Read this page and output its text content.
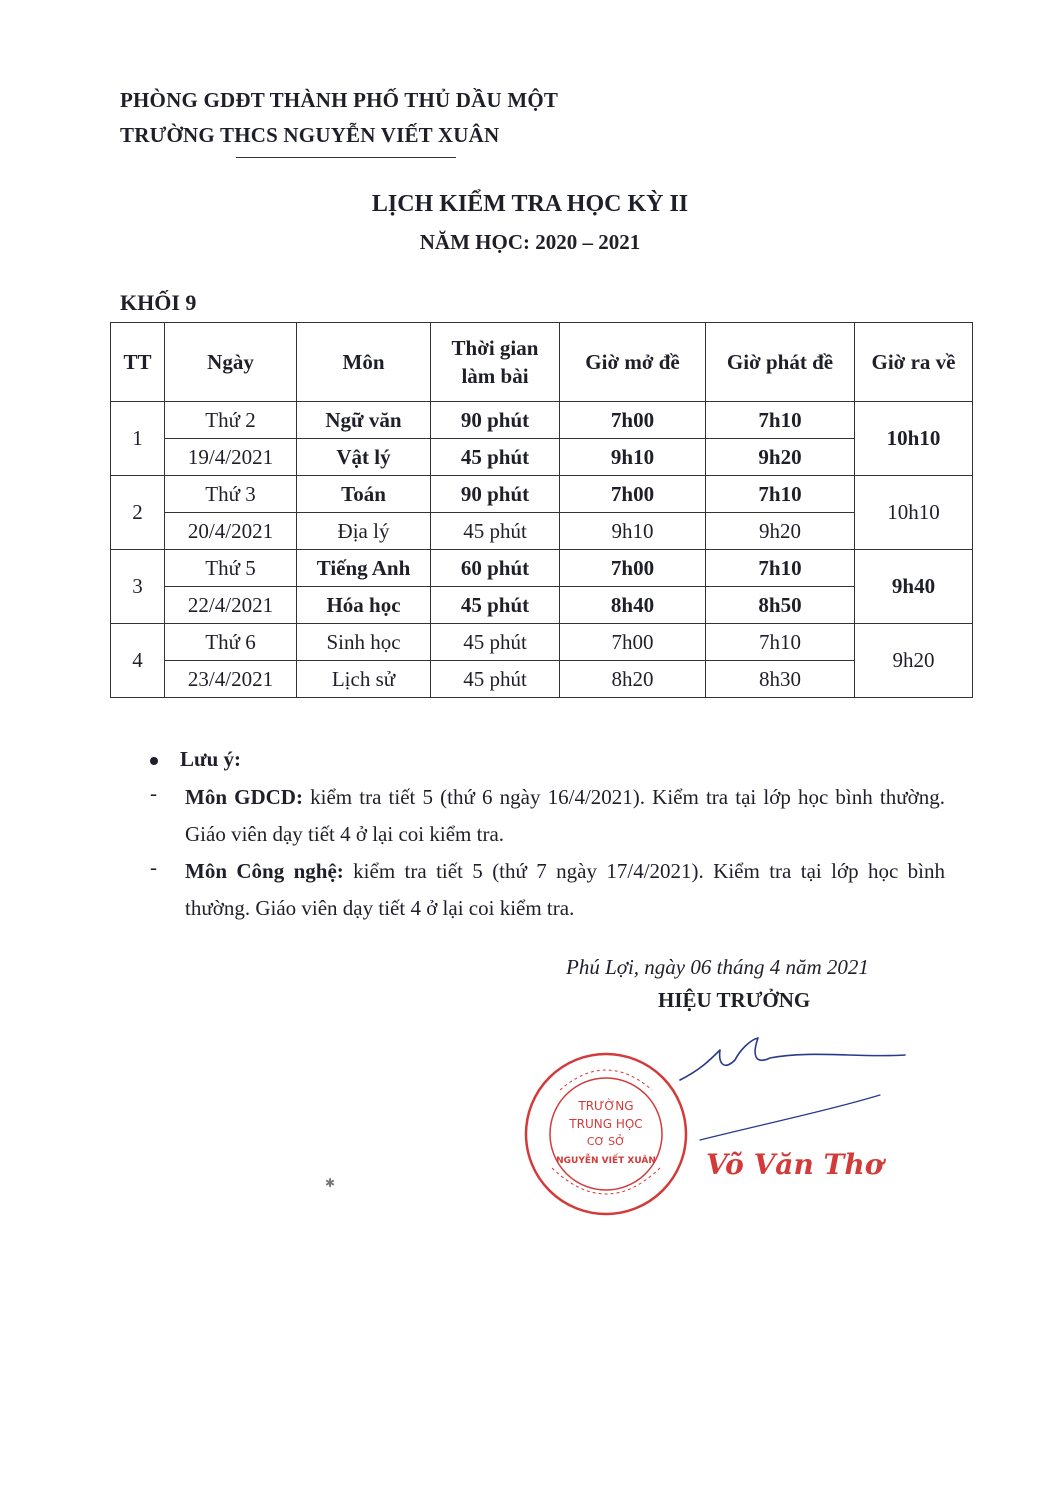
PHÒNG GDĐT THÀNH PHỐ THỦ DẦU MỘT
TRƯỜNG THCS NGUYỄN VIẾT XUÂN
LỊCH KIỂM TRA HỌC KỲ II
NĂM HỌC: 2020 – 2021
KHỐI 9
TT	Ngày	Môn	Thời gian làm bài	Giờ mở đề	Giờ phát đề	Giờ ra về
1	Thứ 2	Ngữ văn	90 phút	7h00	7h10	10h10
	19/4/2021	Vật lý	45 phút	9h10	9h20	
2	Thứ 3	Toán	90 phút	7h00	7h10	10h10
	20/4/2021	Địa lý	45 phút	9h10	9h20	
3	Thứ 5	Tiếng Anh	60 phút	7h00	7h10	9h40
	22/4/2021	Hóa học	45 phút	8h40	8h50	
4	Thứ 6	Sinh học	45 phút	7h00	7h10	9h20
	23/4/2021	Lịch sử	45 phút	8h20	8h30	
Lưu ý:
- Môn GDCD: kiểm tra tiết 5 (thứ 6 ngày 16/4/2021). Kiểm tra tại lớp học bình thường. Giáo viên dạy tiết 4 ở lại coi kiểm tra.
- Môn Công nghệ: kiểm tra tiết 5 (thứ 7 ngày 17/4/2021). Kiểm tra tại lớp học bình thường. Giáo viên dạy tiết 4 ở lại coi kiểm tra.
Phú Lợi, ngày 06 tháng 4 năm 2021
HIỆU TRƯỞNG
TRƯỜNG
TRUNG HỌC
CƠ SỞ
NGUYỄN VIẾT XUÂN Võ Văn Thơ
✱
